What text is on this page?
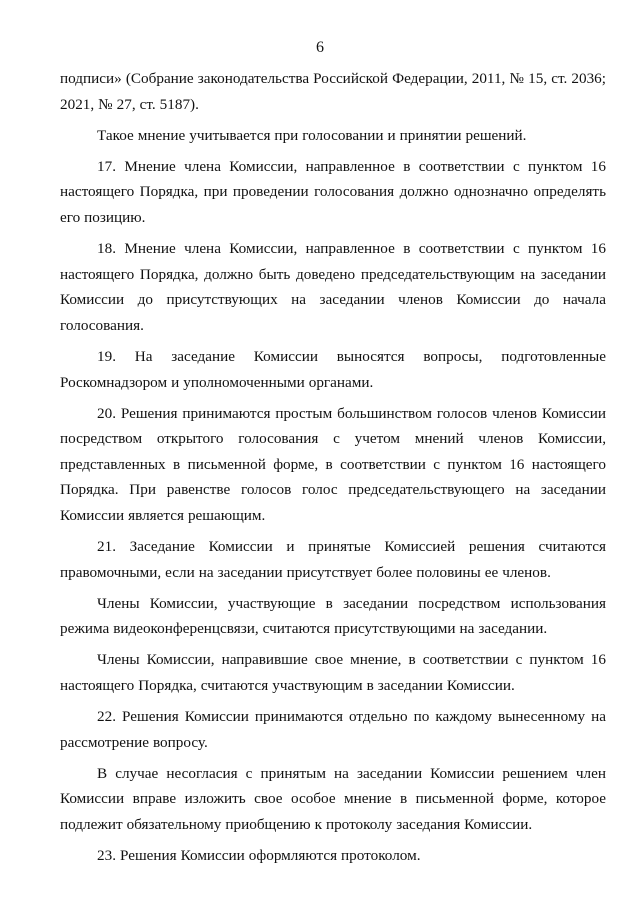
6

подписи» (Собрание законодательства Российской Федерации, 2011, № 15, ст. 2036; 2021, № 27, ст. 5187).

Такое мнение учитывается при голосовании и принятии решений.

17. Мнение члена Комиссии, направленное в соответствии с пунктом 16 настоящего Порядка, при проведении голосования должно однозначно определять его позицию.

18. Мнение члена Комиссии, направленное в соответствии с пунктом 16 настоящего Порядка, должно быть доведено председательствующим на заседании Комиссии до присутствующих на заседании членов Комиссии до начала голосования.

19. На заседание Комиссии выносятся вопросы, подготовленные Роскомнадзором и уполномоченными органами.

20. Решения принимаются простым большинством голосов членов Комиссии посредством открытого голосования с учетом мнений членов Комиссии, представленных в письменной форме, в соответствии с пунктом 16 настоящего Порядка. При равенстве голосов голос председательствующего на заседании Комиссии является решающим.

21. Заседание Комиссии и принятые Комиссией решения считаются правомочными, если на заседании присутствует более половины ее членов.

Члены Комиссии, участвующие в заседании посредством использования режима видеоконференцсвязи, считаются присутствующими на заседании.

Члены Комиссии, направившие свое мнение, в соответствии с пунктом 16 настоящего Порядка, считаются участвующим в заседании Комиссии.

22. Решения Комиссии принимаются отдельно по каждому вынесенному на рассмотрение вопросу.

В случае несогласия с принятым на заседании Комиссии решением член Комиссии вправе изложить свое особое мнение в письменной форме, которое подлежит обязательному приобщению к протоколу заседания Комиссии.

23. Решения Комиссии оформляются протоколом.
